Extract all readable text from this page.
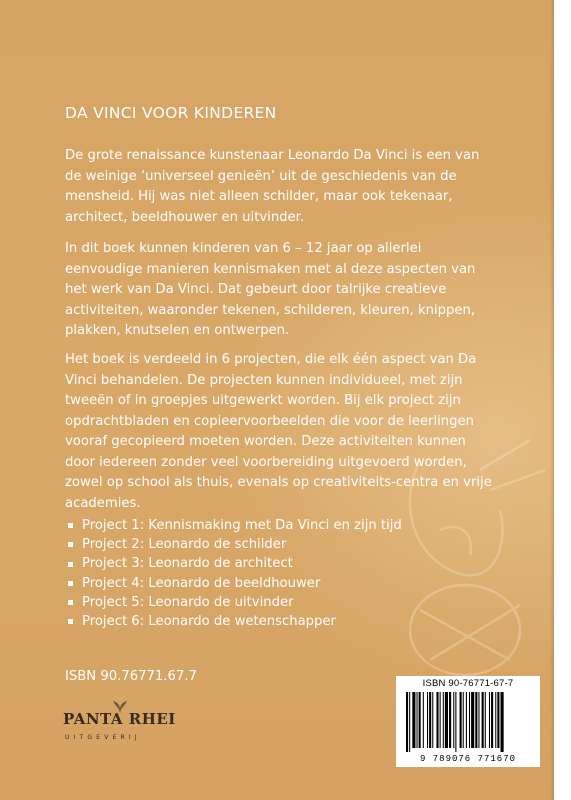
DA VINCI VOOR KINDEREN

De grote renaissance kunstenaar Leonardo Da Vinci is een van de weinige ‘universeel genieën’ uit de geschiedenis van de mensheid. Hij was niet alleen schilder, maar ook tekenaar, architect, beeldhouwer en uitvinder.

In dit boek kunnen kinderen van 6 – 12 jaar op allerlei eenvoudige manieren kennismaken met al deze aspecten van het werk van Da Vinci. Dat gebeurt door talrijke creatieve activiteiten, waaronder tekenen, schilderen, kleuren, knippen, plakken, knutselen en ontwerpen.

Het boek is verdeeld in 6 projecten, die elk één aspect van Da Vinci behandelen. De projecten kunnen individueel, met zijn tweeën of in groepjes uitgewerkt worden. Bij elk project zijn opdrachtbladen en copieervoorbeelden die voor de leerlingen vooraf gecopieerd moeten worden. Deze activiteiten kunnen door iedereen zonder veel voorbereiding uitgevoerd worden, zowel op school als thuis, evenals op creativiteits-centra en vrije academies.

Project 1: Kennismaking met Da Vinci en zijn tijd
Project 2: Leonardo de schilder
Project 3: Leonardo de architect
Project 4: Leonardo de beeldhouwer
Project 5: Leonardo de uitvinder
Project 6: Leonardo de wetenschapper

ISBN 90.76771.67.7

PANTA RHEI
UITGEVERIJ
ISBN 90-76771-67-7
9 789076 771670
